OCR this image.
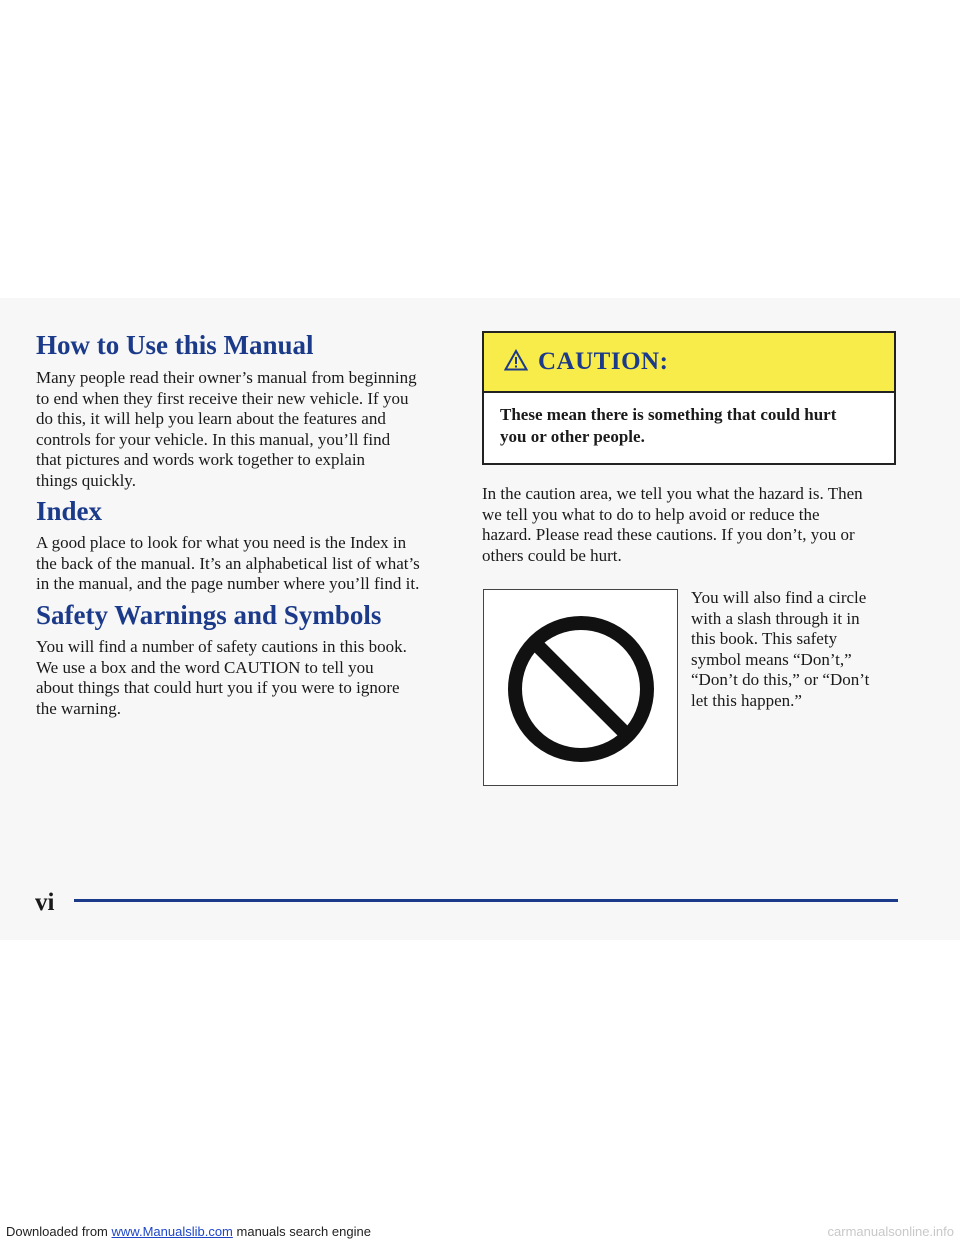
How to Use this Manual
Many people read their owner’s manual from beginning
to end when they first receive their new vehicle. If you
do this, it will help you learn about the features and
controls for your vehicle. In this manual, you’ll find
that pictures and words work together to explain
things quickly.
Index
A good place to look for what you need is the Index in
the back of the manual. It’s an alphabetical list of what’s
in the manual, and the page number where you’ll find it.
Safety Warnings and Symbols
You will find a number of safety cautions in this book.
We use a box and the word CAUTION to tell you
about things that could hurt you if you were to ignore
the warning.
CAUTION:
These mean there is something that could hurt
you or other people.
In the caution area, we tell you what the hazard is. Then
we tell you what to do to help avoid or reduce the
hazard. Please read these cautions. If you don’t, you or
others could be hurt.
You will also find a circle
with a slash through it in
this book. This safety
symbol means “Don’t,”
“Don’t do this,” or “Don’t
let this happen.”

vi

Downloaded from www.Manualslib.com manuals search engine	carmanualsonline.info
